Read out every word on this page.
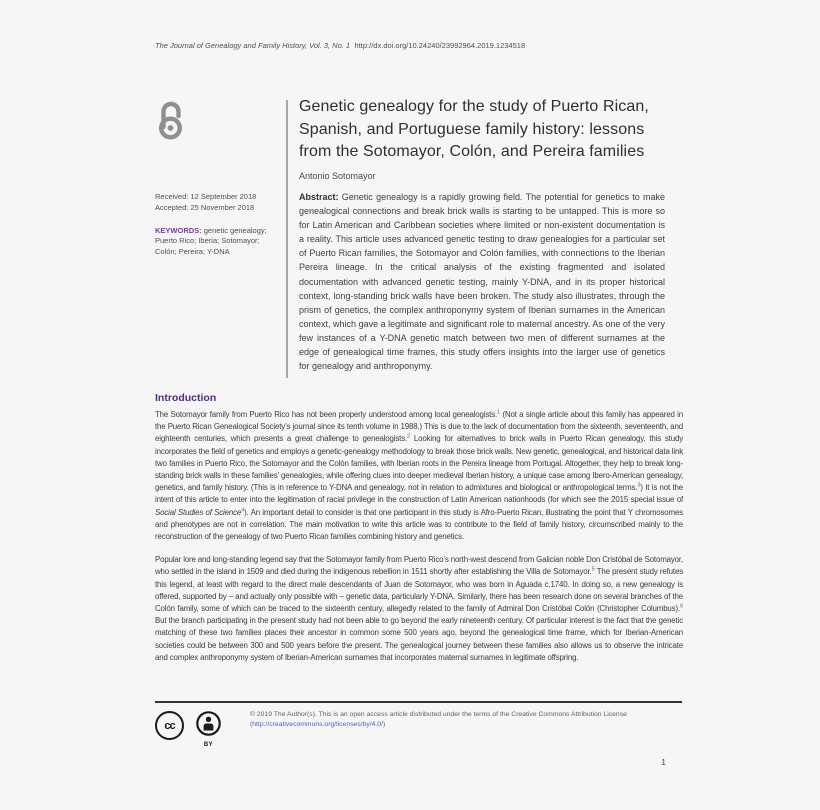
The Journal of Genealogy and Family History, Vol. 3, No. 1 http://dx.doi.org/10.24240/23992964.2019.1234518
Genetic genealogy for the study of Puerto Rican, Spanish, and Portuguese family history: lessons from the Sotomayor, Colón, and Pereira families
Antonio Sotomayor
Received: 12 September 2018
Accepted: 25 November 2018
KEYWORDS: genetic genealogy; Puerto Rico; Iberia; Sotomayor; Colón; Pereira; Y-DNA
Abstract: Genetic genealogy is a rapidly growing field. The potential for genetics to make genealogical connections and break brick walls is starting to be untapped. This is more so for Latin American and Caribbean societies where limited or non-existent documentation is a reality. This article uses advanced genetic testing to draw genealogies for a particular set of Puerto Rican families, the Sotomayor and Colón families, with connections to the Iberian Pereira lineage. In the critical analysis of the existing fragmented and isolated documentation with advanced genetic testing, mainly Y-DNA, and in its proper historical context, long-standing brick walls have been broken. The study also illustrates, through the prism of genetics, the complex anthroponymy system of Iberian surnames in the American context, which gave a legitimate and significant role to maternal ancestry. As one of the very few instances of a Y-DNA genetic match between two men of different surnames at the edge of genealogical time frames, this study offers insights into the larger use of genetics for genealogy and anthroponymy.
Introduction

The Sotomayor family from Puerto Rico has not been properly understood among local genealogists.$^1$ (Not a single article about this family has appeared in the Puerto Rican Genealogical Society’s journal since its tenth volume in 1988.) This is due to the lack of documentation from the sixteenth, seventeenth, and eighteenth centuries, which presents a great challenge to genealogists.$^2$ Looking for alternatives to brick walls in Puerto Rican genealogy, this study incorporates the field of genetics and employs a genetic-genealogy methodology to break those brick walls. New genetic, genealogical, and historical data link two families in Puerto Rico, the Sotomayor and the Colón families, with Iberian roots in the Pereira lineage from Portugal. Altogether, they help to break long-standing brick walls in these families’ genealogies, while offering clues into deeper medieval Iberian history, a unique case among Ibero-American genealogy, genetics, and family history. (This is in reference to Y-DNA and genealogy, not in relation to admixtures and biological or anthropological terms.$^3$) It is not the intent of this article to enter into the legitimation of racial privilege in the construction of Latin American nationhoods (for which see the 2015 special issue of Social Studies of Science$^4$). An important detail to consider is that one participant in this study is Afro-Puerto Rican, illustrating the point that Y chromosomes and phenotypes are not in correlation. The main motivation to write this article was to contribute to the field of family history, circumscribed mainly to the reconstruction of the genealogy of two Puerto Rican families combining history and genetics.

Popular lore and long-standing legend say that the Sotomayor family from Puerto Rico’s north-west descend from Galician noble Don Cristóbal de Sotomayor, who settled in the island in 1509 and died during the indigenous rebellion in 1511 shortly after establishing the Villa de Sotomayor.$^5$ The present study refutes this legend, at least with regard to the direct male descendants of Juan de Sotomayor, who was born in Aguada c.1740. In doing so, a new genealogy is offered, supported by – and actually only possible with – genetic data, particularly Y-DNA. Similarly, there has been research done on several branches of the Colón family, some of which can be traced to the sixteenth century, allegedly related to the family of Admiral Don Cristóbal Colón (Christopher Columbus).$^6$ But the branch participating in the present study had not been able to go beyond the early nineteenth century. Of particular interest is the fact that the genetic matching of these two families places their ancestor in common some 500 years ago, beyond the genealogical time frame, which for Iberian-American societies could be between 300 and 500 years before the present. The genealogical journey between these families also allows us to observe the intricate and complex anthroponymy system of Iberian-American surnames that incorporates maternal surnames in legitimate offspring.

cc
BY
© 2019 The Author(s). This is an open access article distributed under the terms of the Creative Commons Attribution License (http://creativecommons.org/licenses/by/4.0/)
1
